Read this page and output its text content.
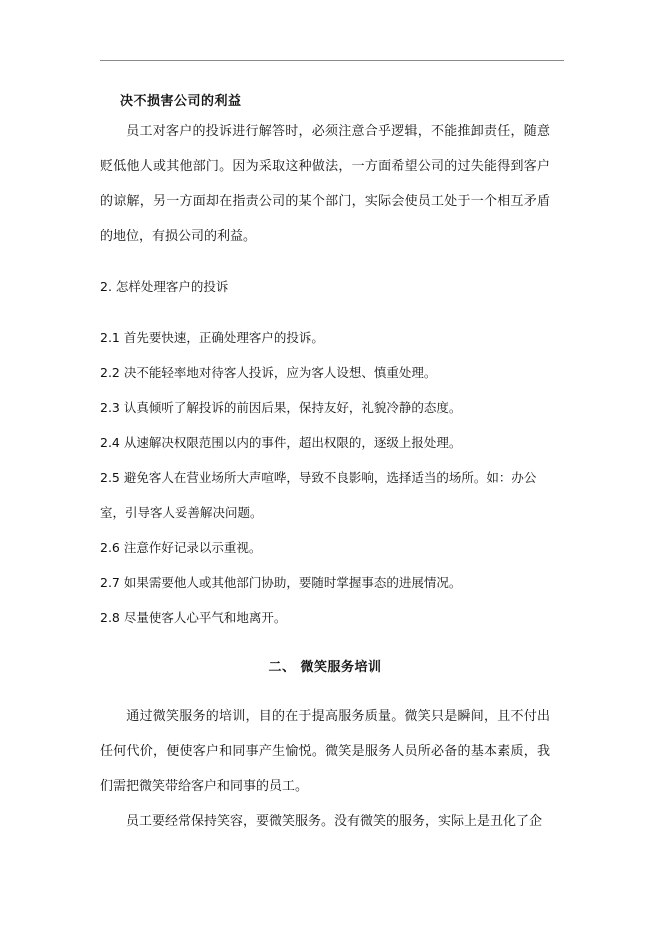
决不损害公司的利益
员工对客户的投诉进行解答时，必须注意合乎逻辑，不能推卸责任，随意贬低他人或其他部门。因为采取这种做法，一方面希望公司的过失能得到客户的谅解，另一方面却在指责公司的某个部门，实际会使员工处于一个相互矛盾的地位，有损公司的利益。
2. 怎样处理客户的投诉
2.1 首先要快速，正确处理客户的投诉。
2.2 决不能轻率地对待客人投诉，应为客人设想、慎重处理。
2.3 认真倾听了解投诉的前因后果，保持友好，礼貌冷静的态度。
2.4 从速解决权限范围以内的事件，超出权限的，逐级上报处理。
2.5 避免客人在营业场所大声喧哗，导致不良影响，选择适当的场所。如：办公室，引导客人妥善解决问题。
2.6 注意作好记录以示重视。
2.7 如果需要他人或其他部门协助，要随时掌握事态的进展情况。
2.8 尽量使客人心平气和地离开。
二、 微笑服务培训
通过微笑服务的培训，目的在于提高服务质量。微笑只是瞬间，且不付出任何代价，便使客户和同事产生愉悦。微笑是服务人员所必备的基本素质，我们需把微笑带给客户和同事的员工。
员工要经常保持笑容，要微笑服务。没有微笑的服务，实际上是丑化了企
